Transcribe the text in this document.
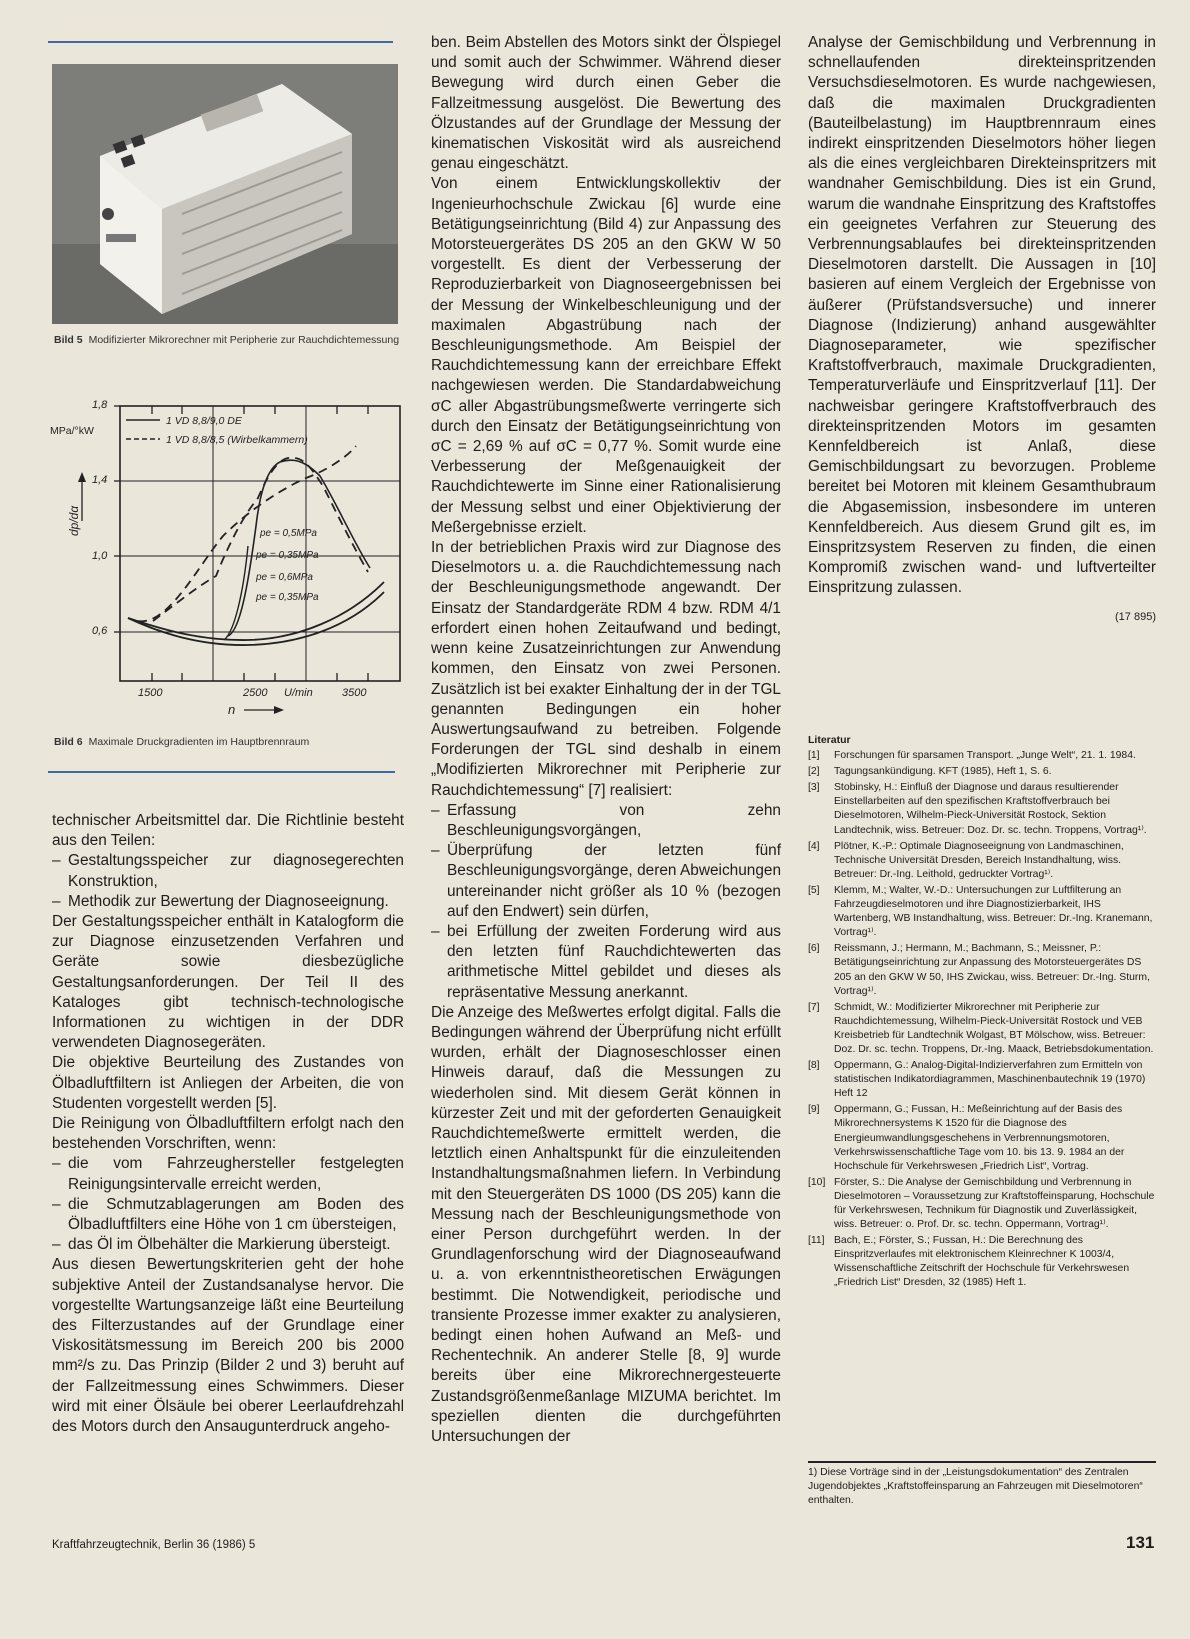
Bild 5 Modifizierter Mikrorechner mit Peripherie zur Rauchdichtemessung
1,8
1,4
1,0
0,6
MPa/°kW
dp/dα
1500	2500 U/min	3500
n
1 VD 8,8/9,0 DE
1 VD 8,8/8,5 (Wirbelkammern)
pe = 0,5MPa
pe = 0,35MPa
pe = 0,6MPa
pe = 0,35MPa
Bild 6 Maximale Druckgradienten im Hauptbrennraum

technischer Arbeitsmittel dar. Die Richtlinie besteht aus den Teilen:

– Gestaltungsspeicher zur diagnosegerechten Konstruktion,
– Methodik zur Bewertung der Diagnoseeignung.

Der Gestaltungsspeicher enthält in Katalogform die zur Diagnose einzusetzenden Verfahren und Geräte sowie diesbezügliche Gestaltungsanforderungen. Der Teil II des Kataloges gibt technisch-technologische Informationen zu wichtigen in der DDR verwendeten Diagnosegeräten.

Die objektive Beurteilung des Zustandes von Ölbadluftfiltern ist Anliegen der Arbeiten, die von Studenten vorgestellt werden [5].

Die Reinigung von Ölbadluftfiltern erfolgt nach den bestehenden Vorschriften, wenn:

– die vom Fahrzeughersteller festgelegten Reinigungsintervalle erreicht werden,
– die Schmutzablagerungen am Boden des Ölbadluftfilters eine Höhe von 1 cm übersteigen,
– das Öl im Ölbehälter die Markierung übersteigt.

Aus diesen Bewertungskriterien geht der hohe subjektive Anteil der Zustandsanalyse hervor. Die vorgestellte Wartungsanzeige läßt eine Beurteilung des Filterzustandes auf der Grundlage einer Viskositätsmessung im Bereich 200 bis 2000 mm²/s zu. Das Prinzip (Bilder 2 und 3) beruht auf der Fallzeitmessung eines Schwimmers. Dieser wird mit einer Ölsäule bei oberer Leerlaufdrehzahl des Motors durch den Ansaugunterdruck angeho-

ben. Beim Abstellen des Motors sinkt der Ölspiegel und somit auch der Schwimmer. Während dieser Bewegung wird durch einen Geber die Fallzeitmessung ausgelöst. Die Bewertung des Ölzustandes auf der Grundlage der Messung der kinematischen Viskosität wird als ausreichend genau eingeschätzt.

Von einem Entwicklungskollektiv der Ingenieurhochschule Zwickau [6] wurde eine Betätigungseinrichtung (Bild 4) zur Anpassung des Motorsteuergerätes DS 205 an den GKW W 50 vorgestellt. Es dient der Verbesserung der Reproduzierbarkeit von Diagnoseergebnissen bei der Messung der Winkelbeschleunigung und der maximalen Abgastrübung nach der Beschleunigungsmethode. Am Beispiel der Rauchdichtemessung kann der erreichbare Effekt nachgewiesen werden. Die Standardabweichung σC aller Abgastrübungsmeßwerte verringerte sich durch den Einsatz der Betätigungseinrichtung von σC = 2,69 % auf σC = 0,77 %. Somit wurde eine Verbesserung der Meßgenauigkeit der Rauchdichtewerte im Sinne einer Rationalisierung der Messung selbst und einer Objektivierung der Meßergebnisse erzielt.

In der betrieblichen Praxis wird zur Diagnose des Dieselmotors u. a. die Rauchdichtemessung nach der Beschleunigungsmethode angewandt. Der Einsatz der Standardgeräte RDM 4 bzw. RDM 4/1 erfordert einen hohen Zeitaufwand und bedingt, wenn keine Zusatzeinrichtungen zur Anwendung kommen, den Einsatz von zwei Personen. Zusätzlich ist bei exakter Einhaltung der in der TGL genannten Bedingungen ein hoher Auswertungsaufwand zu betreiben. Folgende Forderungen der TGL sind deshalb in einem „Modifizierten Mikrorechner mit Peripherie zur Rauchdichtemessung“ [7] realisiert:

– Erfassung von zehn Beschleunigungsvorgängen,
– Überprüfung der letzten fünf Beschleunigungsvorgänge, deren Abweichungen untereinander nicht größer als 10 % (bezogen auf den Endwert) sein dürfen,
– bei Erfüllung der zweiten Forderung wird aus den letzten fünf Rauchdichtewerten das arithmetische Mittel gebildet und dieses als repräsentative Messung anerkannt.

Die Anzeige des Meßwertes erfolgt digital. Falls die Bedingungen während der Überprüfung nicht erfüllt wurden, erhält der Diagnoseschlosser einen Hinweis darauf, daß die Messungen zu wiederholen sind. Mit diesem Gerät können in kürzester Zeit und mit der geforderten Genauigkeit Rauchdichtemeßwerte ermittelt werden, die letztlich einen Anhaltspunkt für die einzuleitenden Instandhaltungsmaßnahmen liefern. In Verbindung mit den Steuergeräten DS 1000 (DS 205) kann die Messung nach der Beschleunigungsmethode von einer Person durchgeführt werden. In der Grundlagenforschung wird der Diagnoseaufwand u. a. von erkenntnistheoretischen Erwägungen bestimmt. Die Notwendigkeit, periodische und transiente Prozesse immer exakter zu analysieren, bedingt einen hohen Aufwand an Meß- und Rechentechnik. An anderer Stelle [8, 9] wurde bereits über eine Mikrorechnergesteuerte Zustandsgrößenmeßanlage MIZUMA berichtet. Im speziellen dienten die durchgeführten Untersuchungen der

Analyse der Gemischbildung und Verbrennung in schnellaufenden direkteinspritzenden Versuchsdieselmotoren. Es wurde nachgewiesen, daß die maximalen Druckgradienten (Bauteilbelastung) im Hauptbrennraum eines indirekt einspritzenden Dieselmotors höher liegen als die eines vergleichbaren Direkteinspritzers mit wandnaher Gemischbildung. Dies ist ein Grund, warum die wandnahe Einspritzung des Kraftstoffes ein geeignetes Verfahren zur Steuerung des Verbrennungsablaufes bei direkteinspritzenden Dieselmotoren darstellt. Die Aussagen in [10] basieren auf einem Vergleich der Ergebnisse von äußerer (Prüfstandsversuche) und innerer Diagnose (Indizierung) anhand ausgewählter Diagnoseparameter, wie spezifischer Kraftstoffverbrauch, maximale Druckgradienten, Temperaturverläufe und Einspritzverlauf [11]. Der nachweisbar geringere Kraftstoffverbrauch des direkteinspritzenden Motors im gesamten Kennfeldbereich ist Anlaß, diese Gemischbildungsart zu bevorzugen. Probleme bereitet bei Motoren mit kleinem Gesamthubraum die Abgasemission, insbesondere im unteren Kennfeldbereich. Aus diesem Grund gilt es, im Einspritzsystem Reserven zu finden, die einen Kompromiß zwischen wand- und luftverteilter Einspritzung zulassen.

(17 895)

Literatur
[1] Forschungen für sparsamen Transport. „Junge Welt“, 21. 1. 1984.
[2] Tagungsankündigung. KFT (1985), Heft 1, S. 6.
[3] Stobinsky, H.: Einfluß der Diagnose und daraus resultierender Einstellarbeiten auf den spezifischen Kraftstoffverbrauch bei Dieselmotoren, Wilhelm-Pieck-Universität Rostock, Sektion Landtechnik, wiss. Betreuer: Doz. Dr. sc. techn. Troppens, Vortrag¹⁾.
[4] Plötner, K.-P.: Optimale Diagnoseeignung von Landmaschinen, Technische Universität Dresden, Bereich Instandhaltung, wiss. Betreuer: Dr.-Ing. Leithold, gedruckter Vortrag¹⁾.
[5] Klemm, M.; Walter, W.-D.: Untersuchungen zur Luftfilterung an Fahrzeugdieselmotoren und ihre Diagnostizierbarkeit, IHS Wartenberg, WB Instandhaltung, wiss. Betreuer: Dr.-Ing. Kranemann, Vortrag¹⁾.
[6] Reissmann, J.; Hermann, M.; Bachmann, S.; Meissner, P.: Betätigungseinrichtung zur Anpassung des Motorsteuergerätes DS 205 an den GKW W 50, IHS Zwickau, wiss. Betreuer: Dr.-Ing. Sturm, Vortrag¹⁾.
[7] Schmidt, W.: Modifizierter Mikrorechner mit Peripherie zur Rauchdichtemessung, Wilhelm-Pieck-Universität Rostock und VEB Kreisbetrieb für Landtechnik Wolgast, BT Mölschow, wiss. Betreuer: Doz. Dr. sc. techn. Troppens, Dr.-Ing. Maack, Betriebsdokumentation.
[8] Oppermann, G.: Analog-Digital-Indizierverfahren zum Ermitteln von statistischen Indikatordiagrammen, Maschinenbautechnik 19 (1970) Heft 12
[9] Oppermann, G.; Fussan, H.: Meßeinrichtung auf der Basis des Mikrorechnersystems K 1520 für die Diagnose des Energieumwandlungsgeschehens in Verbrennungsmotoren, Verkehrswissenschaftliche Tage vom 10. bis 13. 9. 1984 an der Hochschule für Verkehrswesen „Friedrich List“, Vortrag.
[10] Förster, S.: Die Analyse der Gemischbildung und Verbrennung in Dieselmotoren – Voraussetzung zur Kraftstoffeinsparung, Hochschule für Verkehrswesen, Technikum für Diagnostik und Zuverlässigkeit, wiss. Betreuer: o. Prof. Dr. sc. techn. Oppermann, Vortrag¹⁾.
[11] Bach, E.; Förster, S.; Fussan, H.: Die Berechnung des Einspritzverlaufes mit elektronischem Kleinrechner K 1003/4, Wissenschaftliche Zeitschrift der Hochschule für Verkehrswesen „Friedrich List“ Dresden, 32 (1985) Heft 1.
1) Diese Vorträge sind in der „Leistungsdokumentation“ des Zentralen Jugendobjektes „Kraftstoffeinsparung an Fahrzeugen mit Dieselmotoren“ enthalten.
Kraftfahrzeugtechnik, Berlin 36 (1986) 5	131
